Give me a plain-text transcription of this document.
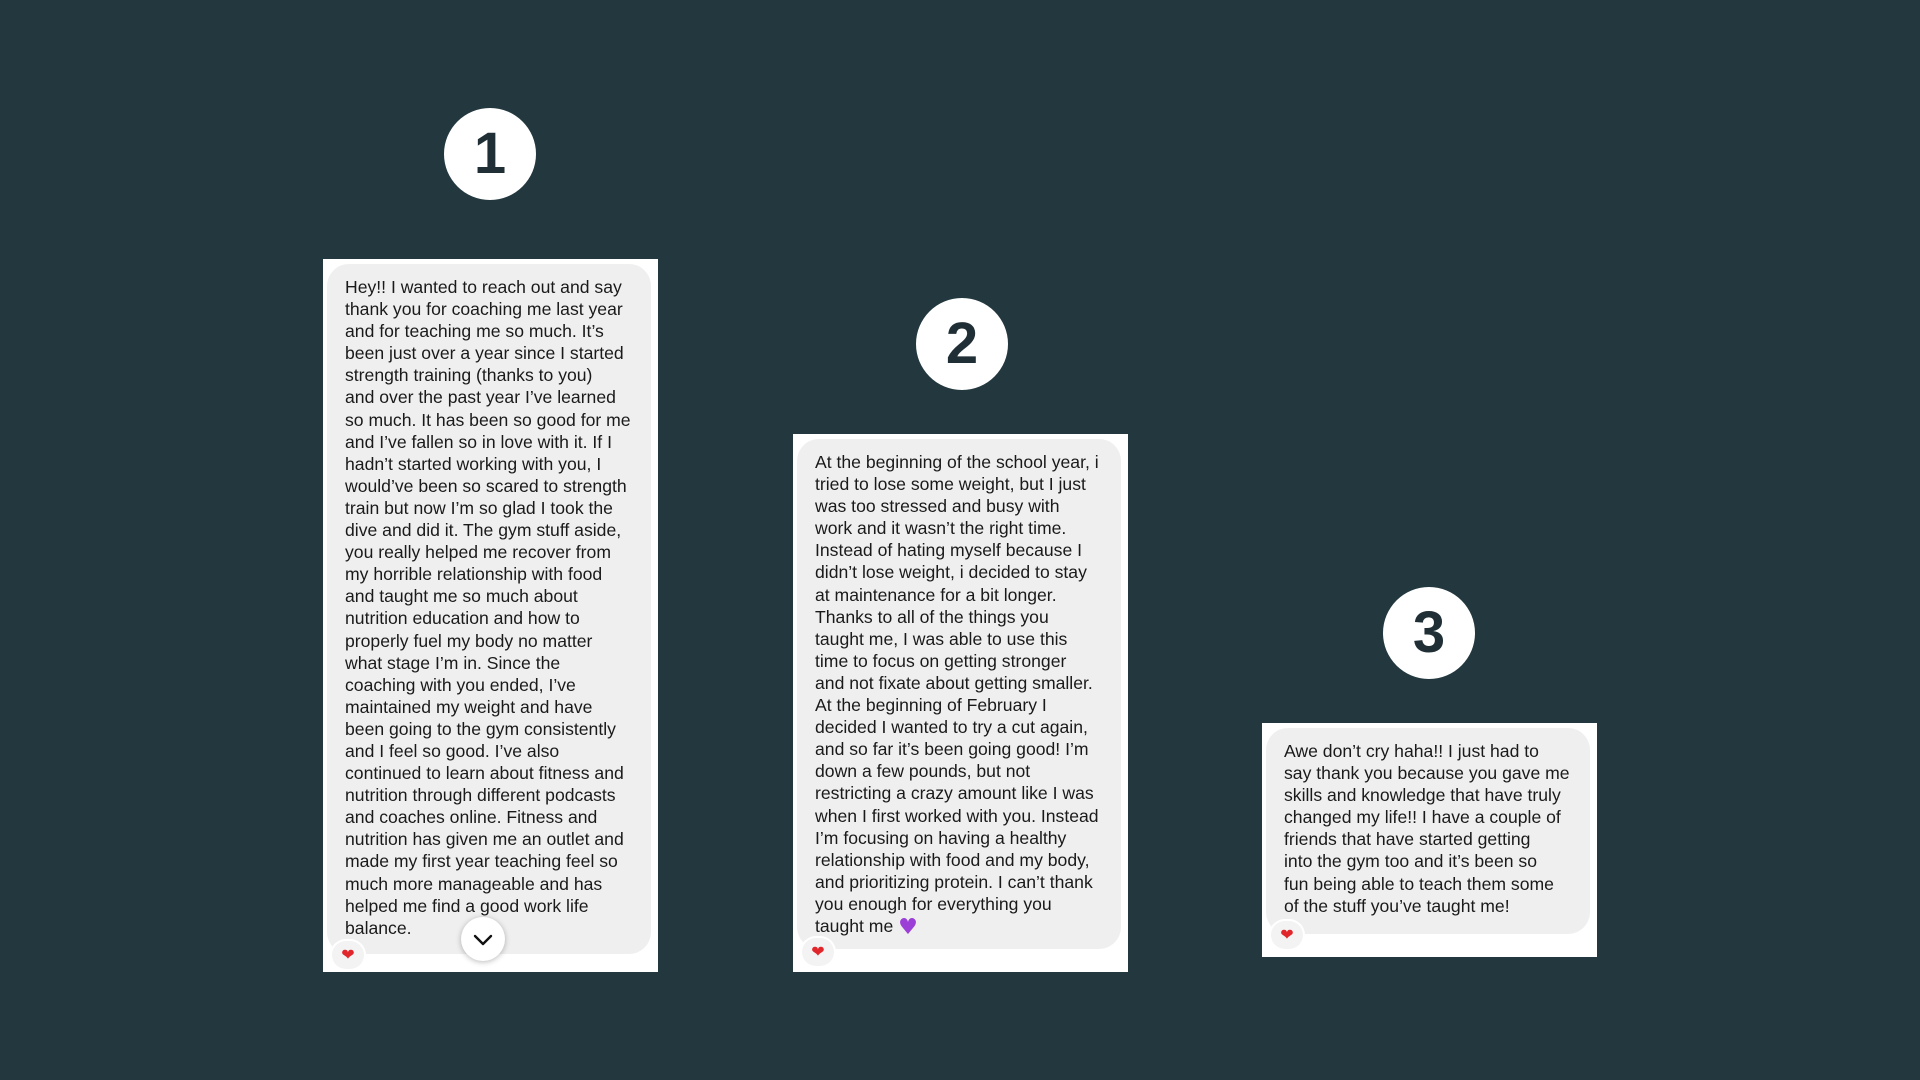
1
Hey!! I wanted to reach out and say
thank you for coaching me last year
and for teaching me so much. It’s
been just over a year since I started
strength training (thanks to you)
and over the past year I’ve learned
so much. It has been so good for me
and I’ve fallen so in love with it. If I
hadn’t started working with you, I
would’ve been so scared to strength
train but now I’m so glad I took the
dive and did it. The gym stuff aside,
you really helped me recover from
my horrible relationship with food
and taught me so much about
nutrition education and how to
properly fuel my body no matter
what stage I’m in. Since the
coaching with you ended, I’ve
maintained my weight and have
been going to the gym consistently
and I feel so good. I’ve also
continued to learn about fitness and
nutrition through different podcasts
and coaches online. Fitness and
nutrition has given me an outlet and
made my first year teaching feel so
much more manageable and has
helped me find a good work life
balance.
❤
2
At the beginning of the school year, i
tried to lose some weight, but I just
was too stressed and busy with
work and it wasn’t the right time.
Instead of hating myself because I
didn’t lose weight, i decided to stay
at maintenance for a bit longer.
Thanks to all of the things you
taught me, I was able to use this
time to focus on getting stronger
and not fixate about getting smaller.
At the beginning of February I
decided I wanted to try a cut again,
and so far it’s been going good! I’m
down a few pounds, but not
restricting a crazy amount like I was
when I first worked with you. Instead
I’m focusing on having a healthy
relationship with food and my body,
and prioritizing protein. I can’t thank
you enough for everything you
taught me ♥
❤
3
Awe don’t cry haha!! I just had to
say thank you because you gave me
skills and knowledge that have truly
changed my life!! I have a couple of
friends that have started getting
into the gym too and it’s been so
fun being able to teach them some
of the stuff you’ve taught me!
❤
